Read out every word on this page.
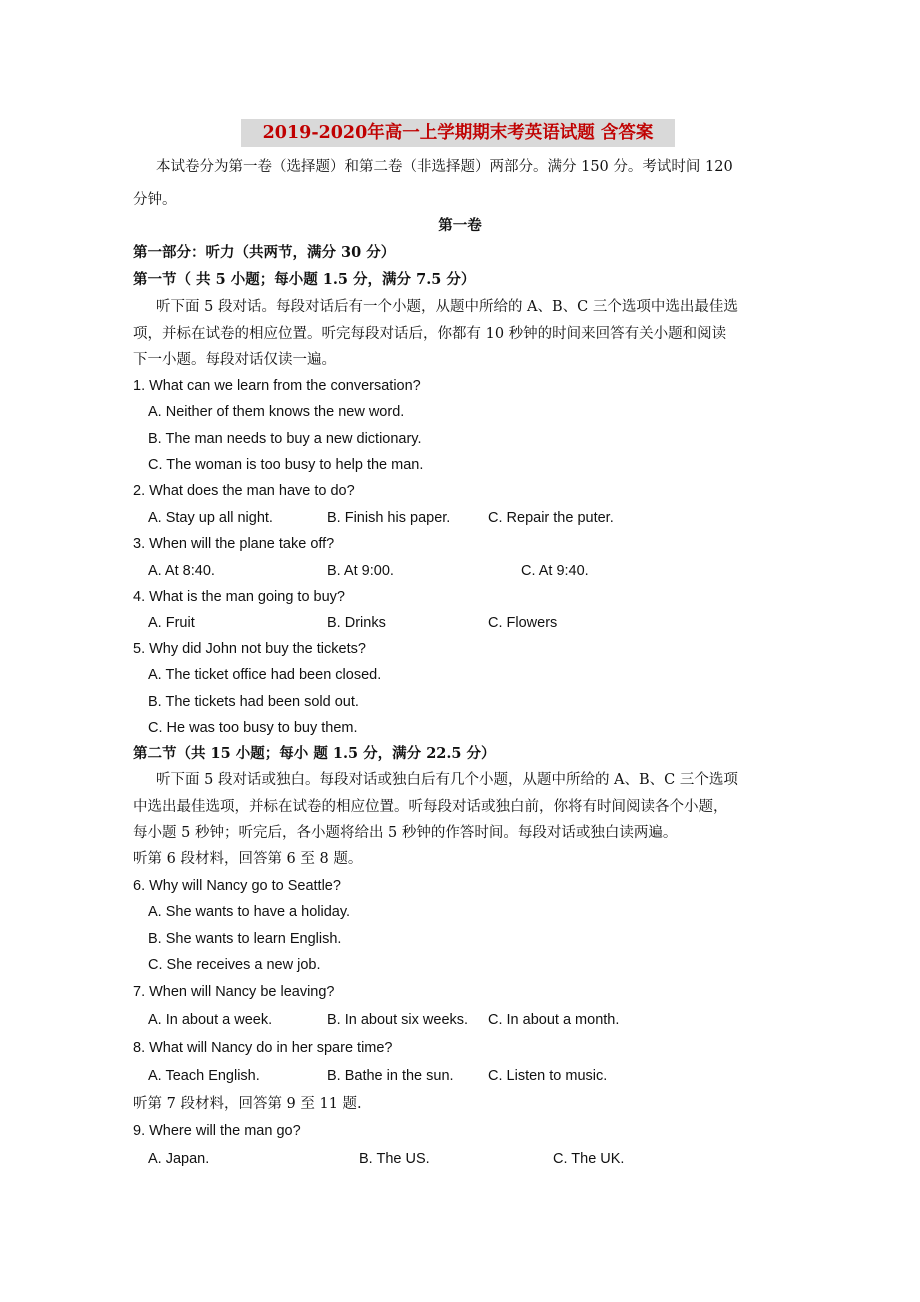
2019-2020年高一上学期期末考英语试题 含答案
本试卷分为第一卷（选择题）和第二卷（非选择题）两部分。满分 150 分。考试时间 120
分钟。
第一卷
第一部分：听力（共两节，满分 30 分）
第一节（ 共 5 小题；每小题 1.5 分，满分 7.5 分）
听下面 5 段对话。每段对话后有一个小题，从题中所给的 A、B、C 三个选项中选出最佳选
项，并标在试卷的相应位置。听完每段对话后，你都有 10 秒钟的时间来回答有关小题和阅读
下一小题。每段对话仅读一遍。
1. What can we learn from the conversation?
A. Neither of them knows the new word.
B. The man needs to buy a new dictionary.
C. The woman is too busy to help the man.
2. What does the man have to do?
A. Stay up all night.	B. Finish his paper.	C. Repair the puter.
3. When will the plane take off?
A. At 8:40.	B. At 9:00.	C. At 9:40.
4. What is the man going to buy?
A. Fruit	B. Drinks	C. Flowers
5. Why did John not buy the tickets?
A. The ticket office had been closed.
B. The tickets had been sold out.
C. He was too busy to buy them.
第二节（共 15 小题；每小 题 1.5 分，满分 22.5 分）
听下面 5 段对话或独白。每段对话或独白后有几个小题，从题中所给的 A、B、C 三个选项
中选出最佳选项，并标在试卷的相应位置。听每段对话或独白前，你将有时间阅读各个小题，
每小题 5 秒钟；听完后，各小题将给出 5 秒钟的作答时间。每段对话或独白读两遍。
听第 6 段材料，回答第 6 至 8 题。
6. Why will Nancy go to Seattle?
A. She wants to have a holiday.
B. She wants to learn English.
C. She receives a new job.
7. When will Nancy be leaving?
A. In about a week.	B. In about six weeks. C. In about a month.
8. What will Nancy do in her spare time?
A. Teach English.	B. Bathe in the sun. C. Listen to music.
听第 7 段材料，回答第 9 至 11 题.
9. Where will the man go?
A. Japan.	B. The US.	C. The UK.
